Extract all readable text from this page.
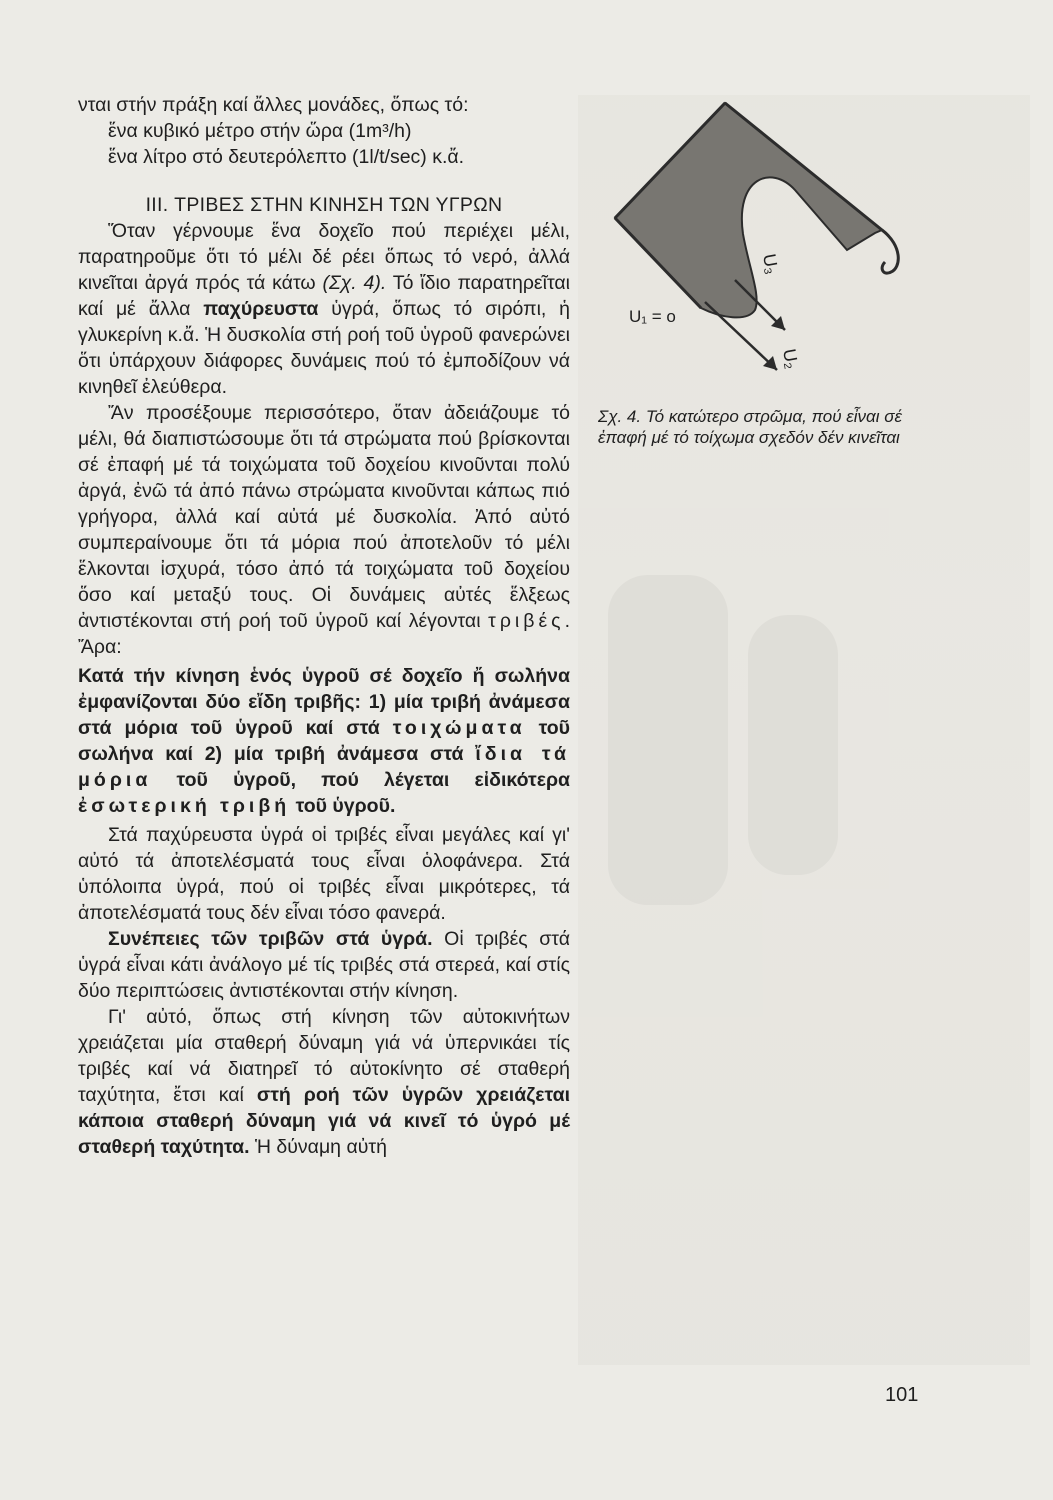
νται στήν πράξη καί ἄλλες μονάδες, ὅπως τό:

ἕνα κυβικό μέτρο στήν ὥρα (1m³/h)

ἕνα λίτρο στό δευτερόλεπτο (1l/t/sec) κ.ἄ.

III. ΤΡΙΒΕΣ ΣΤΗΝ ΚΙΝΗΣΗ ΤΩΝ ΥΓΡΩΝ

Ὅταν γέρνουμε ἕνα δοχεῖο πού περιέχει μέλι, παρατηροῦμε ὅτι τό μέλι δέ ρέει ὅπως τό νερό, ἀλλά κινεῖται ἀργά πρός τά κάτω (Σχ. 4). Τό ἴδιο παρατηρεῖται καί μέ ἄλλα παχύρευστα ὑγρά, ὅπως τό σιρόπι, ἡ γλυκερίνη κ.ἄ. Ἡ δυσκολία στή ροή τοῦ ὑγροῦ φανερώνει ὅτι ὑπάρχουν διάφορες δυνάμεις πού τό ἐμποδίζουν νά κινηθεῖ ἐλεύθερα.

Ἄν προσέξουμε περισσότερο, ὅταν ἀδειάζουμε τό μέλι, θά διαπιστώσουμε ὅτι τά στρώματα πού βρίσκονται σέ ἐπαφή μέ τά τοιχώματα τοῦ δοχείου κινοῦνται πολύ ἀργά, ἐνῶ τά ἀπό πάνω στρώματα κινοῦνται κάπως πιό γρήγορα, ἀλλά καί αὐτά μέ δυσκολία. Ἀπό αὐτό συμπεραίνουμε ὅτι τά μόρια πού ἀποτελοῦν τό μέλι ἕλκονται ἰσχυρά, τόσο ἀπό τά τοιχώματα τοῦ δοχείου ὅσο καί μεταξύ τους. Οἱ δυνάμεις αὐτές ἕλξεως ἀντιστέκονται στή ροή τοῦ ὑγροῦ καί λέγονται τριβές. Ἄρα:

Κατά τήν κίνηση ἑνός ὑγροῦ σέ δοχεῖο ἤ σωλήνα ἐμφανίζονται δύο εἴδη τριβῆς: 1) μία τριβή ἀνάμεσα στά μόρια τοῦ ὑγροῦ καί στά τοιχώματα τοῦ σωλήνα καί 2) μία τριβή ἀνάμεσα στά ἴδια τά μόρια τοῦ ὑγροῦ, πού λέγεται εἰδικότερα ἐσωτερική τριβή τοῦ ὑγροῦ.

Στά παχύρευστα ὑγρά οἱ τριβές εἶναι μεγάλες καί γι' αὐτό τά ἀποτελέσματά τους εἶναι ὁλοφάνερα. Στά ὑπόλοιπα ὑγρά, πού οἱ τριβές εἶναι μικρότερες, τά ἀποτελέσματά τους δέν εἶναι τόσο φανερά.

Συνέπειες τῶν τριβῶν στά ὑγρά. Οἱ τριβές στά ὑγρά εἶναι κάτι ἀνάλογο μέ τίς τριβές στά στερεά, καί στίς δύο περιπτώσεις ἀντιστέκονται στήν κίνηση.

Γι' αὐτό, ὅπως στή κίνηση τῶν αὐτοκινήτων χρειάζεται μία σταθερή δύναμη γιά νά ὑπερνικάει τίς τριβές καί νά διατηρεῖ τό αὐτοκίνητο σέ σταθερή ταχύτητα, ἔτσι καί στή ροή τῶν ὑγρῶν χρειάζεται κάποια σταθερή δύναμη γιά νά κινεῖ τό ὑγρό μέ σταθερή ταχύτητα. Ἡ δύναμη αὐτή

U₁ = o
U₂
U₃
Σχ. 4. Τό κατώτερο στρῶμα, πού εἶναι σέ ἐπαφή μέ τό τοίχωμα σχεδόν δέν κινεῖται
101
